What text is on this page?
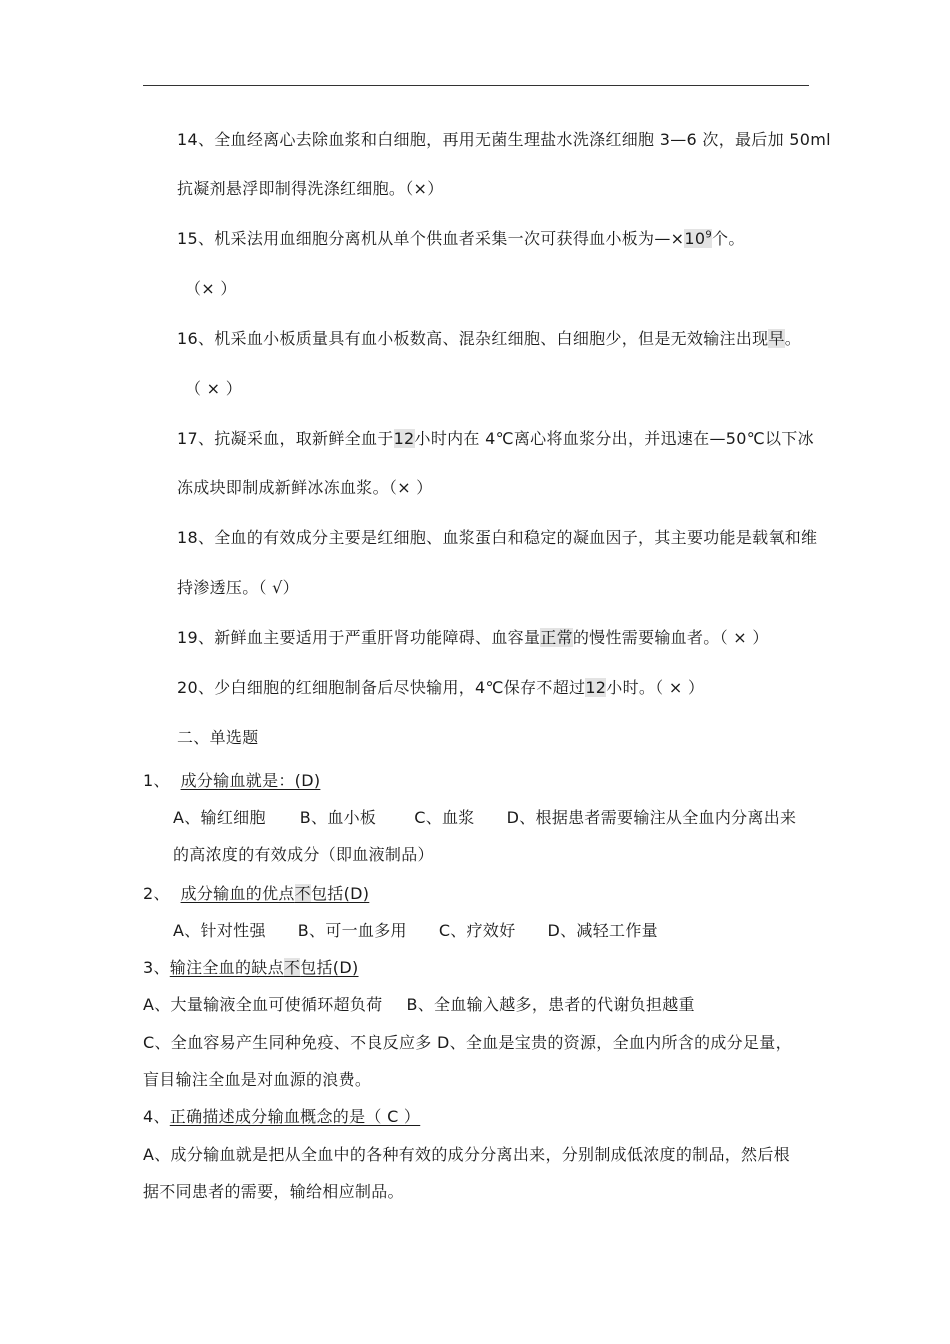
14、全血经离心去除血浆和白细胞，再用无菌生理盐水洗涤红细胞 3—6 次，最后加 50ml
抗凝剂悬浮即制得洗涤红细胞。（×）
15、机采法用血细胞分离机从单个供血者采集一次可获得血小板为$—\times 10^9$个。
（× ）
16、机采血小板质量具有血小板数高、混杂红细胞、白细胞少，但是无效输注出现早。
（ × ）
17、抗凝采血，取新鲜全血于12小时内在 4℃离心将血浆分出，并迅速在—50℃以下冰
冻成块即制成新鲜冰冻血浆。（× ）
18、全血的有效成分主要是红细胞、血浆蛋白和稳定的凝血因子，其主要功能是载氧和维
持渗透压。（ √）
19、新鲜血主要适用于严重肝肾功能障碍、血容量正常的慢性需要输血者。（ × ）
20、少白细胞的红细胞制备后尽快输用，4℃保存不超过12小时。（ × ）
二、单选题
1、 成分输血就是：(D)
A、输红细胞 B、血小板 C、血浆 D、根据患者需要输注从全血内分离出来
的高浓度的有效成分（即血液制品）
2、 成分输血的优点不包括(D)
A、针对性强 B、可一血多用 C、疗效好 D、减轻工作量
3、输注全血的缺点不包括(D)
A、大量输液全血可使循环超负荷 B、全血输入越多，患者的代谢负担越重
C、全血容易产生同种免疫、不良反应多 D、全血是宝贵的资源，全血内所含的成分足量，
盲目输注全血是对血源的浪费。
4、正确描述成分输血概念的是（ C ）
A、成分输血就是把从全血中的各种有效的成分分离出来，分别制成低浓度的制品，然后根
据不同患者的需要，输给相应制品。
